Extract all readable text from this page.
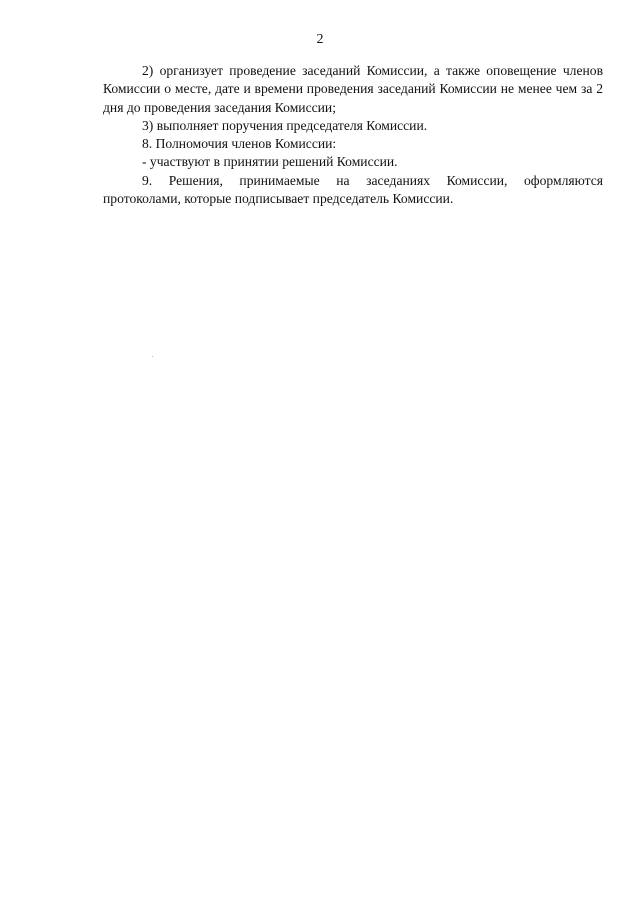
2

2) организует проведение заседаний Комиссии, а также оповещение членов Комиссии о месте, дате и времени проведения заседаний Комиссии не менее чем за 2 дня до проведения заседания Комиссии;

3) выполняет поручения председателя Комиссии.

8. Полномочия членов Комиссии:

- участвуют в принятии решений Комиссии.

9. Решения, принимаемые на заседаниях Комиссии, оформляются протоколами, которые подписывает председатель Комиссии.
